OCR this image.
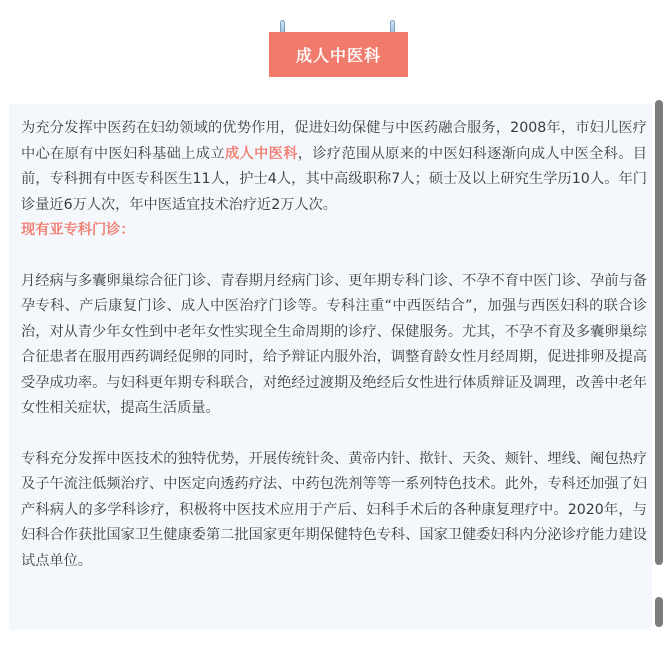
成人中医科

为充分发挥中医药在妇幼领域的优势作用，促进妇幼保健与中医药融合服务，2008年，市妇儿医疗中心在原有中医妇科基础上成立成人中医科，诊疗范围从原来的中医妇科逐渐向成人中医全科。目前，专科拥有中医专科医生11人，护士4人，其中高级职称7人；硕士及以上研究生学历10人。年门诊量近6万人次，年中医适宜技术治疗近2万人次。

现有亚专科门诊：

月经病与多囊卵巢综合征门诊、青春期月经病门诊、更年期专科门诊、不孕不育中医门诊、孕前与备孕专科、产后康复门诊、成人中医治疗门诊等。专科注重“中西医结合”，加强与西医妇科的联合诊治，对从青少年女性到中老年女性实现全生命周期的诊疗、保健服务。尤其，不孕不育及多囊卵巢综合征患者在服用西药调经促卵的同时，给予辩证内服外治，调整育龄女性月经周期，促进排卵及提高受孕成功率。与妇科更年期专科联合，对绝经过渡期及绝经后女性进行体质辩证及调理，改善中老年女性相关症状，提高生活质量。

专科充分发挥中医技术的独特优势，开展传统针灸、黄帝内针、揿针、天灸、颊针、埋线、阉包热疗及子午流注低频治疗、中医定向透药疗法、中药包洗剂等等一系列特色技术。此外，专科还加强了妇产科病人的多学科诊疗，积极将中医技术应用于产后、妇科手术后的各种康复理疗中。2020年，与妇科合作获批国家卫生健康委第二批国家更年期保健特色专科、国家卫健委妇科内分泌诊疗能力建设试点单位。
